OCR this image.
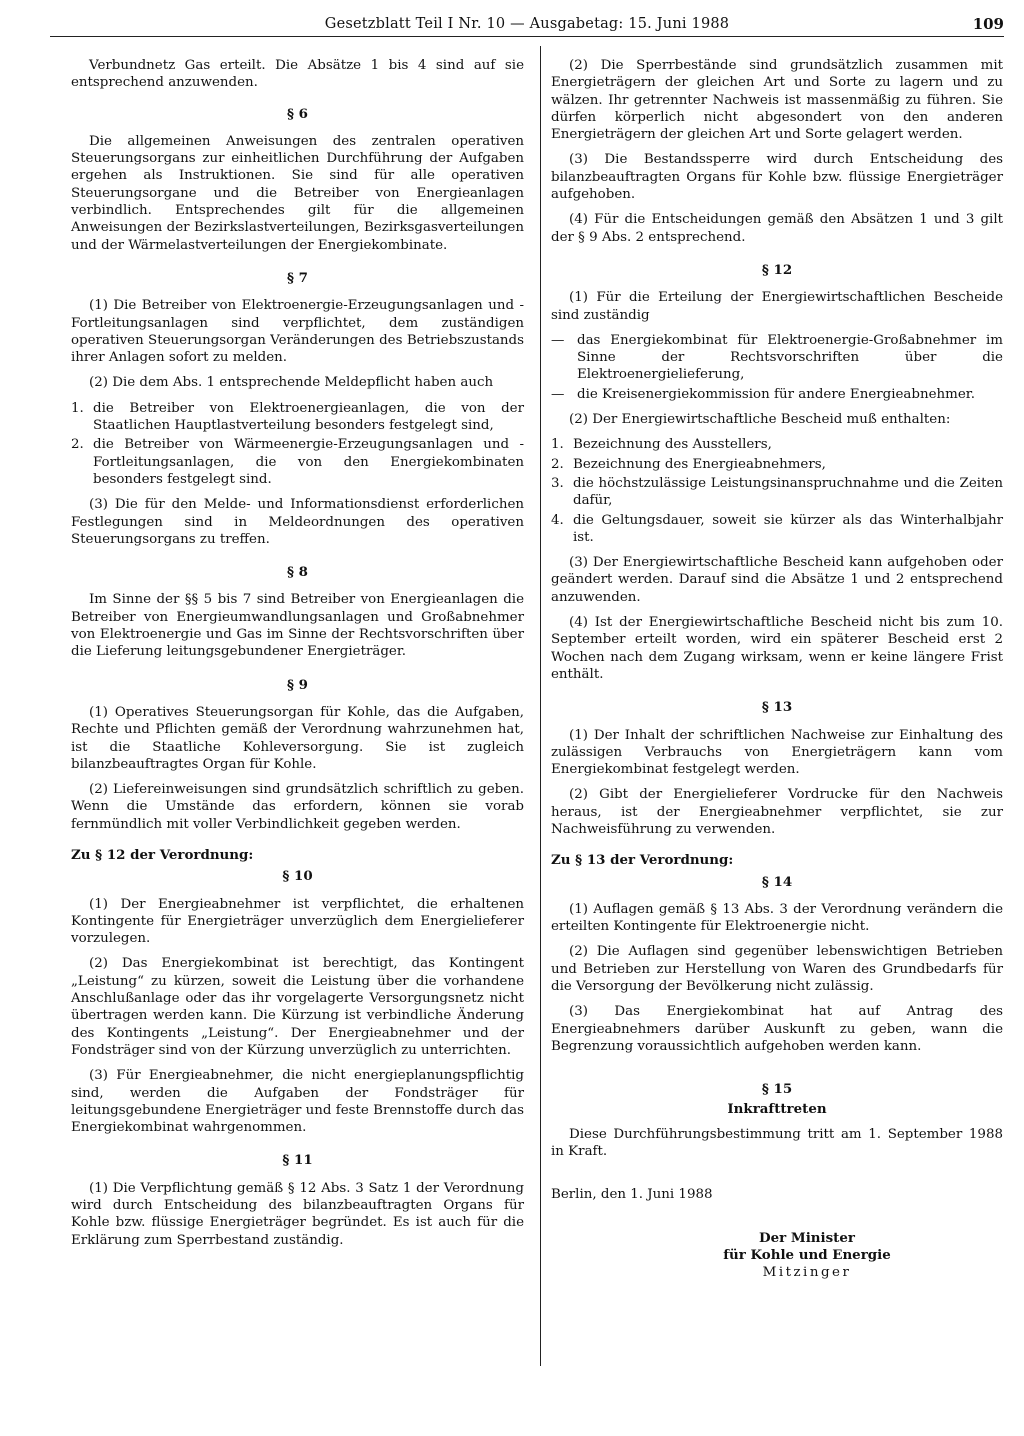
Gesetzblatt Teil I Nr. 10 — Ausgabetag: 15. Juni 1988	109

Verbundnetz Gas erteilt. Die Absätze 1 bis 4 sind auf sie entsprechend anzuwenden.

§ 6

Die allgemeinen Anweisungen des zentralen operativen Steuerungsorgans zur einheitlichen Durchführung der Aufgaben ergehen als Instruktionen. Sie sind für alle operativen Steuerungsorgane und die Betreiber von Energieanlagen verbindlich. Entsprechendes gilt für die allgemeinen Anweisungen der Bezirkslastverteilungen, Bezirksgasverteilungen und der Wärmelastverteilungen der Energiekombinate.

§ 7

(1) Die Betreiber von Elektroenergie-Erzeugungsanlagen und -Fortleitungsanlagen sind verpflichtet, dem zuständigen operativen Steuerungsorgan Veränderungen des Betriebszustands ihrer Anlagen sofort zu melden.

(2) Die dem Abs. 1 entsprechende Meldepflicht haben auch

1. die Betreiber von Elektroenergieanlagen, die von der Staatlichen Hauptlastverteilung besonders festgelegt sind,
2. die Betreiber von Wärmeenergie-Erzeugungsanlagen und -Fortleitungsanlagen, die von den Energiekombinaten besonders festgelegt sind.

(3) Die für den Melde- und Informationsdienst erforderlichen Festlegungen sind in Meldeordnungen des operativen Steuerungsorgans zu treffen.

§ 8

Im Sinne der §§ 5 bis 7 sind Betreiber von Energieanlagen die Betreiber von Energieumwandlungsanlagen und Großabnehmer von Elektroenergie und Gas im Sinne der Rechtsvorschriften über die Lieferung leitungsgebundener Energieträger.

§ 9

(1) Operatives Steuerungsorgan für Kohle, das die Aufgaben, Rechte und Pflichten gemäß der Verordnung wahrzunehmen hat, ist die Staatliche Kohleversorgung. Sie ist zugleich bilanzbeauftragtes Organ für Kohle.

(2) Liefereinweisungen sind grundsätzlich schriftlich zu geben. Wenn die Umstände das erfordern, können sie vorab fernmündlich mit voller Verbindlichkeit gegeben werden.

Zu § 12 der Verordnung:
§ 10

(1) Der Energieabnehmer ist verpflichtet, die erhaltenen Kontingente für Energieträger unverzüglich dem Energielieferer vorzulegen.

(2) Das Energiekombinat ist berechtigt, das Kontingent „Leistung“ zu kürzen, soweit die Leistung über die vorhandene Anschlußanlage oder das ihr vorgelagerte Versorgungsnetz nicht übertragen werden kann. Die Kürzung ist verbindliche Änderung des Kontingents „Leistung“. Der Energieabnehmer und der Fondsträger sind von der Kürzung unverzüglich zu unterrichten.

(3) Für Energieabnehmer, die nicht energieplanungspflichtig sind, werden die Aufgaben der Fondsträger für leitungsgebundene Energieträger und feste Brennstoffe durch das Energiekombinat wahrgenommen.

§ 11

(1) Die Verpflichtung gemäß § 12 Abs. 3 Satz 1 der Verordnung wird durch Entscheidung des bilanzbeauftragten Organs für Kohle bzw. flüssige Energieträger begründet. Es ist auch für die Erklärung zum Sperrbestand zuständig.

(2) Die Sperrbestände sind grundsätzlich zusammen mit Energieträgern der gleichen Art und Sorte zu lagern und zu wälzen. Ihr getrennter Nachweis ist massenmäßig zu führen. Sie dürfen körperlich nicht abgesondert von den anderen Energieträgern der gleichen Art und Sorte gelagert werden.

(3) Die Bestandssperre wird durch Entscheidung des bilanzbeauftragten Organs für Kohle bzw. flüssige Energieträger aufgehoben.

(4) Für die Entscheidungen gemäß den Absätzen 1 und 3 gilt der § 9 Abs. 2 entsprechend.

§ 12

(1) Für die Erteilung der Energiewirtschaftlichen Bescheide sind zuständig

— das Energiekombinat für Elektroenergie-Großabnehmer im Sinne der Rechtsvorschriften über die Elektroenergielieferung,
— die Kreisenergiekommission für andere Energieabnehmer.

(2) Der Energiewirtschaftliche Bescheid muß enthalten:

1. Bezeichnung des Ausstellers,
2. Bezeichnung des Energieabnehmers,
3. die höchstzulässige Leistungsinanspruchnahme und die Zeiten dafür,
4. die Geltungsdauer, soweit sie kürzer als das Winterhalbjahr ist.

(3) Der Energiewirtschaftliche Bescheid kann aufgehoben oder geändert werden. Darauf sind die Absätze 1 und 2 entsprechend anzuwenden.

(4) Ist der Energiewirtschaftliche Bescheid nicht bis zum 10. September erteilt worden, wird ein späterer Bescheid erst 2 Wochen nach dem Zugang wirksam, wenn er keine längere Frist enthält.

§ 13

(1) Der Inhalt der schriftlichen Nachweise zur Einhaltung des zulässigen Verbrauchs von Energieträgern kann vom Energiekombinat festgelegt werden.

(2) Gibt der Energielieferer Vordrucke für den Nachweis heraus, ist der Energieabnehmer verpflichtet, sie zur Nachweisführung zu verwenden.

Zu § 13 der Verordnung:
§ 14

(1) Auflagen gemäß § 13 Abs. 3 der Verordnung verändern die erteilten Kontingente für Elektroenergie nicht.

(2) Die Auflagen sind gegenüber lebenswichtigen Betrieben und Betrieben zur Herstellung von Waren des Grundbedarfs für die Versorgung der Bevölkerung nicht zulässig.

(3) Das Energiekombinat hat auf Antrag des Energieabnehmers darüber Auskunft zu geben, wann die Begrenzung voraussichtlich aufgehoben werden kann.

§ 15
Inkrafttreten

Diese Durchführungsbestimmung tritt am 1. September 1988 in Kraft.

Berlin, den 1. Juni 1988

Der Minister
für Kohle und Energie
Mitzinger
